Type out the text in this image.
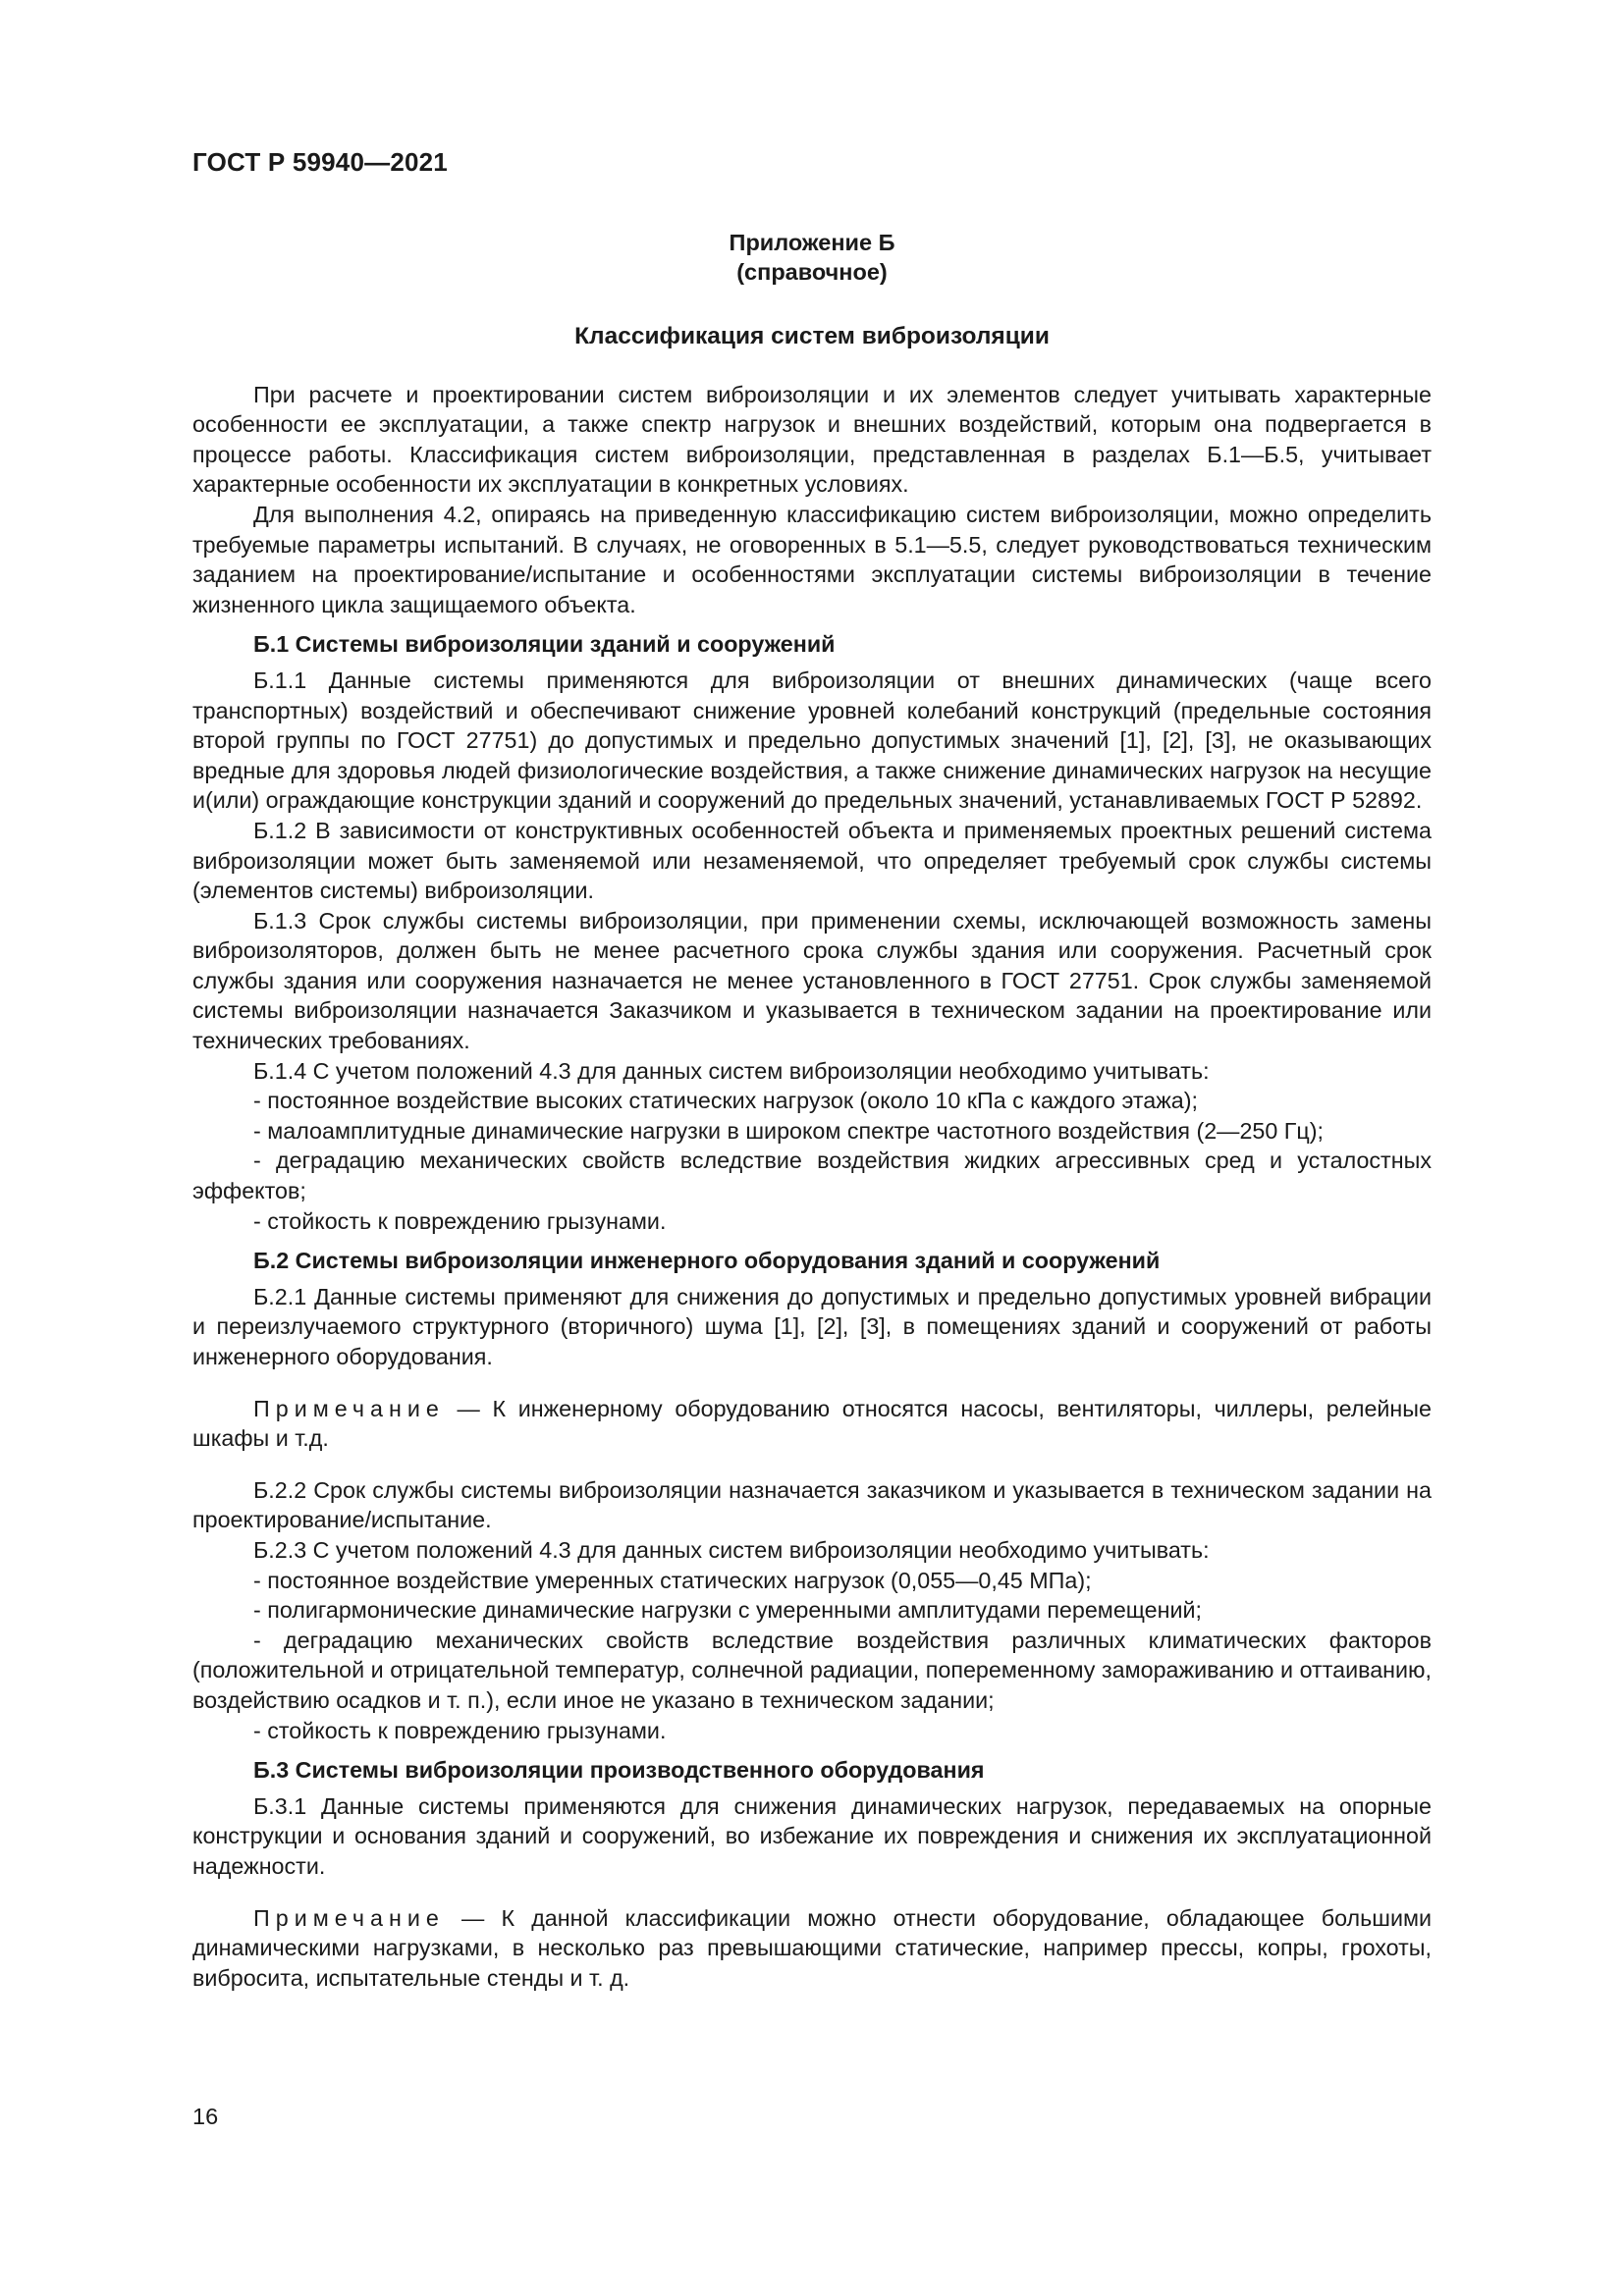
ГОСТ Р 59940—2021
Приложение Б
(справочное)
Классификация систем виброизоляции

При расчете и проектировании систем виброизоляции и их элементов следует учитывать характерные особенности ее эксплуатации, а также спектр нагрузок и внешних воздействий, которым она подвергается в процессе работы. Классификация систем виброизоляции, представленная в разделах Б.1—Б.5, учитывает характерные особенности их эксплуатации в конкретных условиях.

Для выполнения 4.2, опираясь на приведенную классификацию систем виброизоляции, можно определить требуемые параметры испытаний. В случаях, не оговоренных в 5.1—5.5, следует руководствоваться техническим заданием на проектирование/испытание и особенностями эксплуатации системы виброизоляции в течение жизненного цикла защищаемого объекта.

Б.1 Системы виброизоляции зданий и сооружений

Б.1.1 Данные системы применяются для виброизоляции от внешних динамических (чаще всего транспортных) воздействий и обеспечивают снижение уровней колебаний конструкций (предельные состояния второй группы по ГОСТ 27751) до допустимых и предельно допустимых значений [1], [2], [3], не оказывающих вредные для здоровья людей физиологические воздействия, а также снижение динамических нагрузок на несущие и(или) ограждающие конструкции зданий и сооружений до предельных значений, устанавливаемых ГОСТ Р 52892.

Б.1.2 В зависимости от конструктивных особенностей объекта и применяемых проектных решений система виброизоляции может быть заменяемой или незаменяемой, что определяет требуемый срок службы системы (элементов системы) виброизоляции.

Б.1.3 Срок службы системы виброизоляции, при применении схемы, исключающей возможность замены виброизоляторов, должен быть не менее расчетного срока службы здания или сооружения. Расчетный срок службы здания или сооружения назначается не менее установленного в ГОСТ 27751. Срок службы заменяемой системы виброизоляции назначается Заказчиком и указывается в техническом задании на проектирование или технических требованиях.

Б.1.4 С учетом положений 4.3 для данных систем виброизоляции необходимо учитывать:

- постоянное воздействие высоких статических нагрузок (около 10 кПа с каждого этажа);

- малоамплитудные динамические нагрузки в широком спектре частотного воздействия (2—250 Гц);

- деградацию механических свойств вследствие воздействия жидких агрессивных сред и усталостных эффектов;

- стойкость к повреждению грызунами.

Б.2 Системы виброизоляции инженерного оборудования зданий и сооружений

Б.2.1 Данные системы применяют для снижения до допустимых и предельно допустимых уровней вибрации и переизлучаемого структурного (вторичного) шума [1], [2], [3], в помещениях зданий и сооружений от работы инженерного оборудования.

Примечание — К инженерному оборудованию относятся насосы, вентиляторы, чиллеры, релейные шкафы и т.д.

Б.2.2 Срок службы системы виброизоляции назначается заказчиком и указывается в техническом задании на проектирование/испытание.

Б.2.3 С учетом положений 4.3 для данных систем виброизоляции необходимо учитывать:

- постоянное воздействие умеренных статических нагрузок (0,055—0,45 МПа);

- полигармонические динамические нагрузки с умеренными амплитудами перемещений;

- деградацию механических свойств вследствие воздействия различных климатических факторов (положительной и отрицательной температур, солнечной радиации, попеременному замораживанию и оттаиванию, воздействию осадков и т. п.), если иное не указано в техническом задании;

- стойкость к повреждению грызунами.

Б.3 Системы виброизоляции производственного оборудования

Б.3.1 Данные системы применяются для снижения динамических нагрузок, передаваемых на опорные конструкции и основания зданий и сооружений, во избежание их повреждения и снижения их эксплуатационной надежности.

Примечание — К данной классификации можно отнести оборудование, обладающее большими динамическими нагрузками, в несколько раз превышающими статические, например прессы, копры, грохоты, вибросита, испытательные стенды и т. д.

16
